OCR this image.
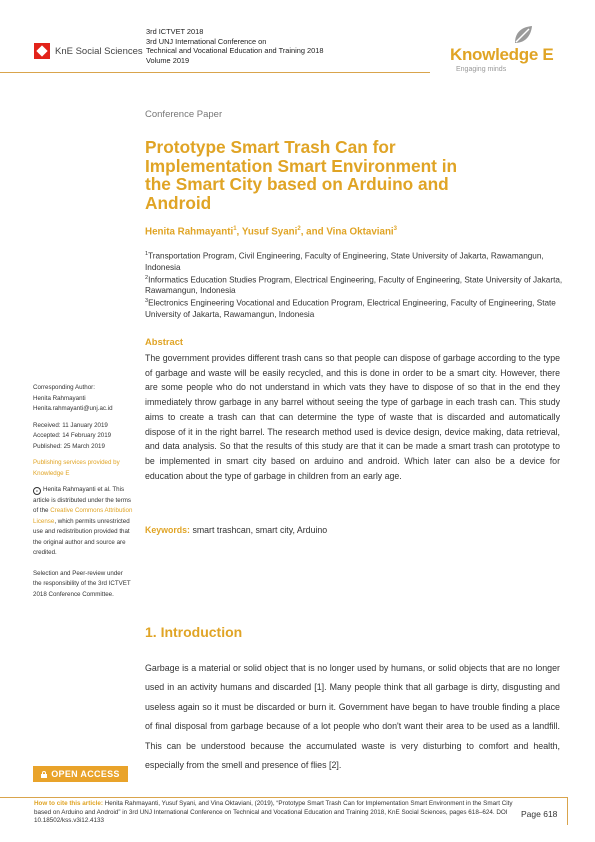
KnE Social Sciences
3rd ICTVET 2018
3rd UNJ International Conference on
Technical and Vocational Education and Training 2018
Volume 2019	Knowledge E
Engaging minds
Conference Paper
Prototype Smart Trash Can for Implementation Smart Environment in the Smart City based on Arduino and Android
Henita Rahmayanti$^1$, Yusuf Syani$^2$, and Vina Oktaviani$^3$
$^1$Transportation Program, Civil Engineering, Faculty of Engineering, State University of Jakarta, Rawamangun, Indonesia
$^2$Informatics Education Studies Program, Electrical Engineering, Faculty of Engineering, State University of Jakarta, Rawamangun, Indonesia
$^3$Electronics Engineering Vocational and Education Program, Electrical Engineering, Faculty of Engineering, State University of Jakarta, Rawamangun, Indonesia
Abstract
The government provides different trash cans so that people can dispose of garbage according to the type of garbage and waste will be easily recycled, and this is done in order to be a smart city. However, there are some people who do not understand in which vats they have to dispose of so that in the end they immediately throw garbage in any barrel without seeing the type of garbage in each trash can. This study aims to create a trash can that can determine the type of waste that is discarded and automatically dispose of it in the right barrel. The research method used is device design, device making, data retrieval, and data analysis. So that the results of this study are that it can be made a smart trash can prototype to be implemented in smart city based on arduino and android. Which later can also be a device for education about the type of garbage in children from an early age.
Keywords: smart trashcan, smart city, Arduino

Corresponding Author:

Henita Rahmayanti

Henita.rahmayanti@unj.ac.id

Received: 11 January 2019

Accepted: 14 February 2019

Published: 25 March 2019

Publishing services provided by Knowledge E

c Henita Rahmayanti et al. This article is distributed under the terms of the Creative Commons Attribution License, which permits unrestricted use and redistribution provided that the original author and source are credited.

Selection and Peer-review under the responsibility of the 3rd ICTVET 2018 Conference Committee.

OPEN ACCESS
1. Introduction
Garbage is a material or solid object that is no longer used by humans, or solid objects that are no longer used in an activity humans and discarded [1]. Many people think that all garbage is dirty, disgusting and useless again so it must be discarded or burn it. Government have began to have trouble finding a place of final disposal from garbage because of a lot people who don't want their area to be used as a landfill. This can be understood because the accumulated waste is very disturbing to comfort and health, especially from the smell and presence of flies [2].
How to cite this article: Henita Rahmayanti, Yusuf Syani, and Vina Oktaviani, (2019), “Prototype Smart Trash Can for Implementation Smart Environment in the Smart City based on Arduino and Android” in 3rd UNJ International Conference on Technical and Vocational Education and Training 2018, KnE Social Sciences, pages 618–624. DOI 10.18502/kss.v3i12.4133
Page 618
